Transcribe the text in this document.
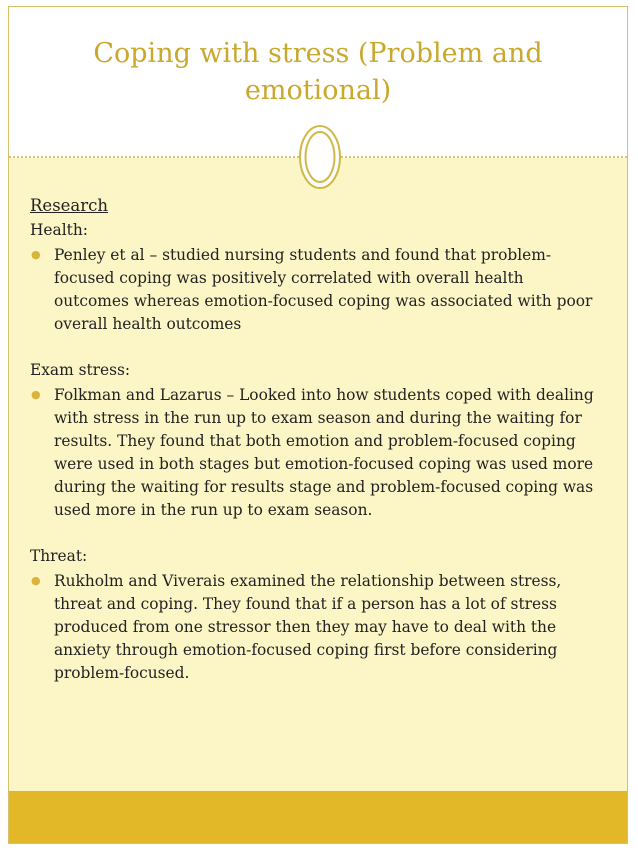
Coping with stress (Problem and emotional)
Research
Health:
● Penley et al – studied nursing students and found that problem-focused coping was positively correlated with overall health outcomes whereas emotion-focused coping was associated with poor overall health outcomes
Exam stress:
● Folkman and Lazarus – Looked into how students coped with dealing with stress in the run up to exam season and during the waiting for results. They found that both emotion and problem-focused coping were used in both stages but emotion-focused coping was used more during the waiting for results stage and problem-focused coping was used more in the run up to exam season.
Threat:
● Rukholm and Viverais examined the relationship between stress, threat and coping. They found that if a person has a lot of stress produced from one stressor then they may have to deal with the anxiety through emotion-focused coping first before considering problem-focused.
